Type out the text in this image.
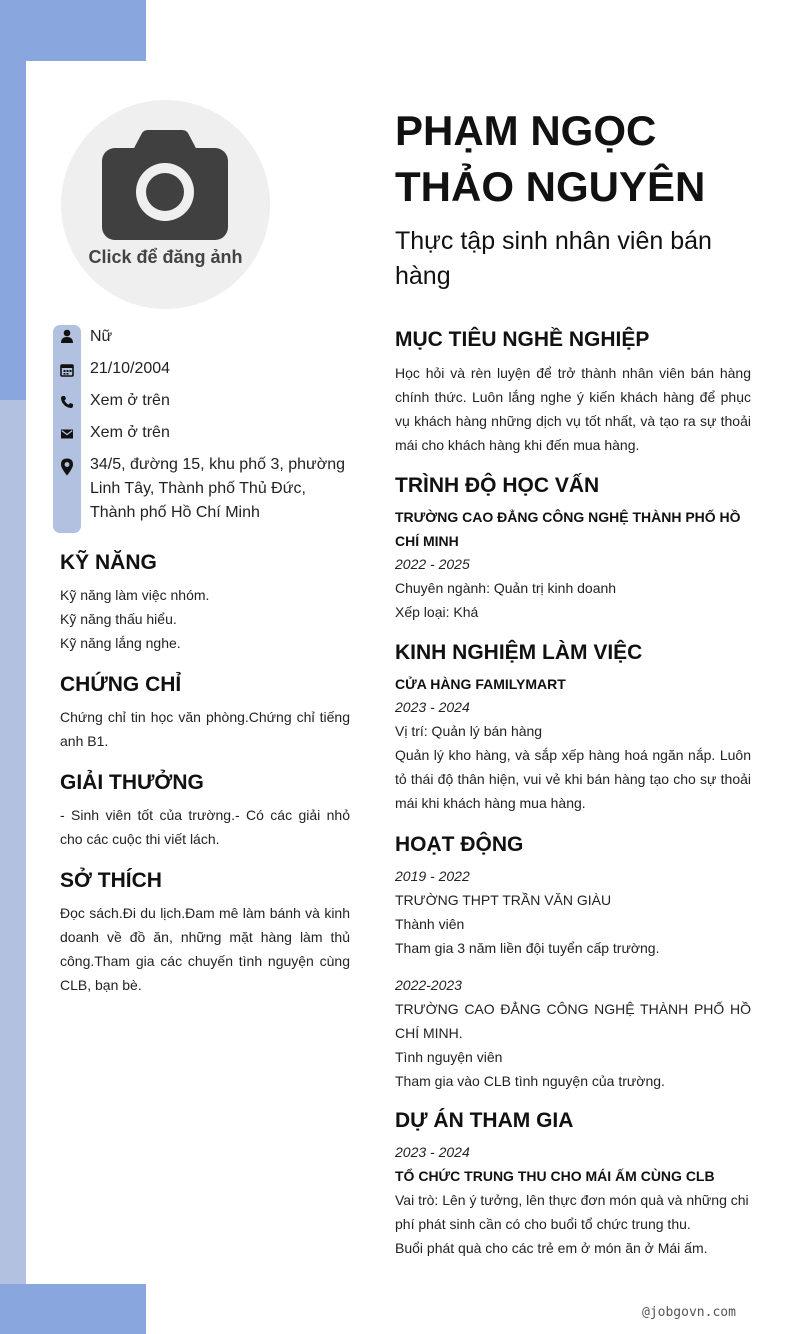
Click để đăng ảnh
Nữ
21/10/2004
Xem ở trên
Xem ở trên
34/5, đường 15, khu phố 3, phường Linh Tây, Thành phố Thủ Đức, Thành phố Hồ Chí Minh
KỸ NĂNG
Kỹ năng làm việc nhóm.
Kỹ năng thấu hiểu.
Kỹ năng lắng nghe.
CHỨNG CHỈ
Chứng chỉ tin học văn phòng.Chứng chỉ tiếng anh B1.
GIẢI THƯỞNG
- Sinh viên tốt của trường.- Có các giải nhỏ cho các cuộc thi viết lách.
SỞ THÍCH
Đọc sách.Đi du lịch.Đam mê làm bánh và kinh doanh về đồ ăn, những mặt hàng làm thủ công.Tham gia các chuyến tình nguyện cùng CLB, bạn bè.
PHẠM NGỌC THẢO NGUYÊN
Thực tập sinh nhân viên bán hàng
MỤC TIÊU NGHỀ NGHIỆP
Học hỏi và rèn luyện để trở thành nhân viên bán hàng chính thức. Luôn lắng nghe ý kiến khách hàng để phục vụ khách hàng những dịch vụ tốt nhất, và tạo ra sự thoải mái cho khách hàng khi đến mua hàng.
TRÌNH ĐỘ HỌC VẤN
TRƯỜNG CAO ĐẲNG CÔNG NGHỆ THÀNH PHỐ HỒ CHÍ MINH
2022 - 2025
Chuyên ngành: Quản trị kinh doanh
Xếp loại: Khá
KINH NGHIỆM LÀM VIỆC
CỬA HÀNG FAMILYMART
2023 - 2024
Vị trí: Quản lý bán hàng
Quản lý kho hàng, và sắp xếp hàng hoá ngăn nắp. Luôn tỏ thái độ thân hiện, vui vẻ khi bán hàng tạo cho sự thoải mái khi khách hàng mua hàng.
HOẠT ĐỘNG
2019 - 2022
TRƯỜNG THPT TRẦN VĂN GIÀU
Thành viên
Tham gia 3 năm liền đội tuyển cấp trường.
2022-2023
TRƯỜNG CAO ĐẲNG CÔNG NGHỆ THÀNH PHỐ HỒ CHÍ MINH.
Tình nguyện viên
Tham gia vào CLB tình nguyện của trường.
DỰ ÁN THAM GIA
2023 - 2024
TỔ CHỨC TRUNG THU CHO MÁI ẤM CÙNG CLB
Vai trò: Lên ý tưởng, lên thực đơn món quà và những chi phí phát sinh cần có cho buổi tổ chức trung thu.
Buổi phát quà cho các trẻ em ở món ăn ở Mái ấm.
@jobgovn.com
